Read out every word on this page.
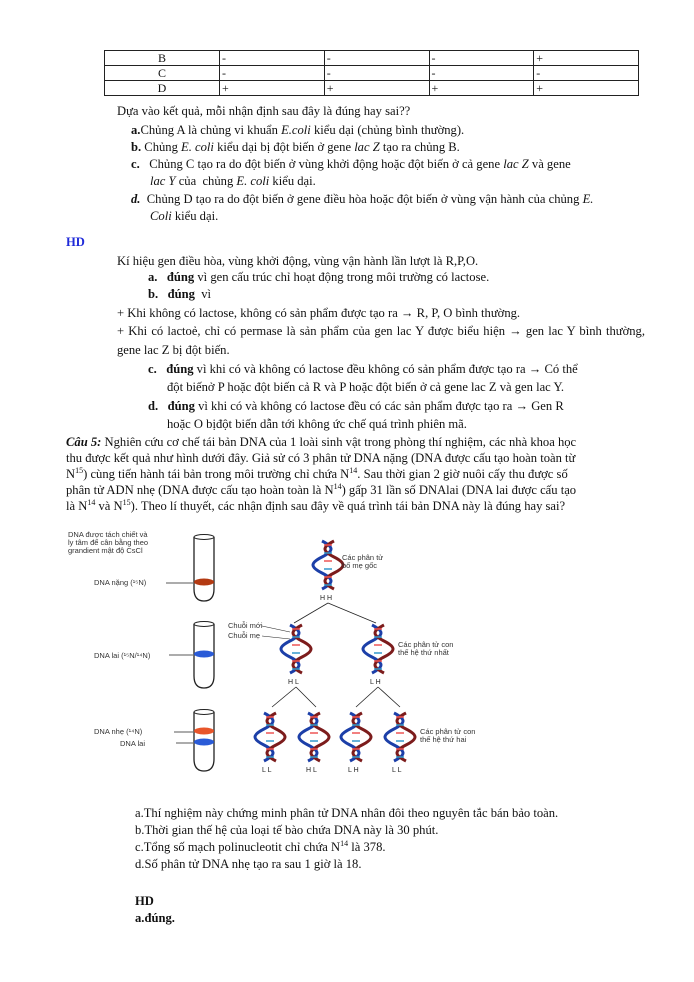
B	-	-	-	+
C	-	-	-	-
D	+	+	+	+
Dựa vào kết quả, mỗi nhận định sau đây là đúng hay sai??
a.Chủng A là chủng vi khuẩn E.coli kiểu dại (chủng bình thường).
b. Chủng E. coli kiểu dại bị đột biến ở gene lac Z tạo ra chủng B.
c.   Chủng C tạo ra do đột biến ở vùng khởi động hoặc đột biến ở cả gene lac Z và gene
lac Y của  chủng E. coli kiểu dại.
d.  Chủng D tạo ra do đột biến ở gene điều hòa hoặc đột biến ở vùng vận hành của chủng E.
Coli kiểu dại.
HD
Kí hiệu gen điều hòa, vùng khởi động, vùng vận hành lần lượt là R,P,O.
a. đúng vì gen cấu trúc chỉ hoạt động trong môi trường có lactose.
b. đúng vì
+ Khi không có lactose, không có sản phẩm được tạo ra → R, P, O bình thường.
+ Khi có lactoẻ, chỉ có permase là sản phẩm của gen lac Y được biểu hiện → gen lac Y bình thường, gene lac Z bị đột biến.
c. đúng vì khi có và không có lactose đều không có sản phẩm được tạo ra → Có thể
đột biếnở P hoặc đột biến cả R và P hoặc đột biến ở cả gene lac Z và gen lac Y.
d. đúng vì khi có và không có lactose đều có các sản phẩm được tạo ra → Gen R
hoặc O bịđột biến dẫn tới không ức chế quá trình phiên mã.
Câu 5: Nghiên cứu cơ chế tái bản DNA của 1 loài sinh vật trong phòng thí nghiệm, các nhà khoa học
thu được kết quả như hình dưới đây. Giả sử có 3 phân tử DNA nặng (DNA được cấu tạo hoàn toàn từ
$N^{15}$) cùng tiến hành tái bản trong môi trường chỉ chứa $N^{14}$. Sau thời gian 2 giờ nuôi cấy thu được số
phân tử ADN nhẹ (DNA được cấu tạo hoàn toàn là $N^{14}$) gấp 31 lần số DNAlai (DNA lai được cấu tạo
là $N^{14}$ và $N^{15}$). Theo lí thuyết, các nhận định sau đây về quá trình tái bản DNA này là đúng hay sai?
DNA được tách chiết và
ly tâm để cân bằng theo
grandient mật độ CsCl
DNA nặng (¹⁵N)
DNA lai (¹⁵N/¹⁴N)
DNA nhẹ (¹⁴N)
DNA lai
Các phân tử
bố mẹ gốc
H H
Chuỗi mới
Chuỗi mẹ
Các phân tử con
thế hệ thứ nhất
H L	L H
Các phân tử con
thế hệ thứ hai
L L	H L	L H	L L
a.Thí nghiệm này chứng minh phân tử DNA nhân đôi theo nguyên tắc bán bảo toàn.
b.Thời gian thế hệ của loại tế bào chứa DNA này là 30 phút.
c.Tổng số mạch polinucleotit chỉ chứa $N^{14}$ là 378.
d.Số phân tử DNA nhẹ tạo ra sau 1 giờ là 18.
HD
a.đúng.
